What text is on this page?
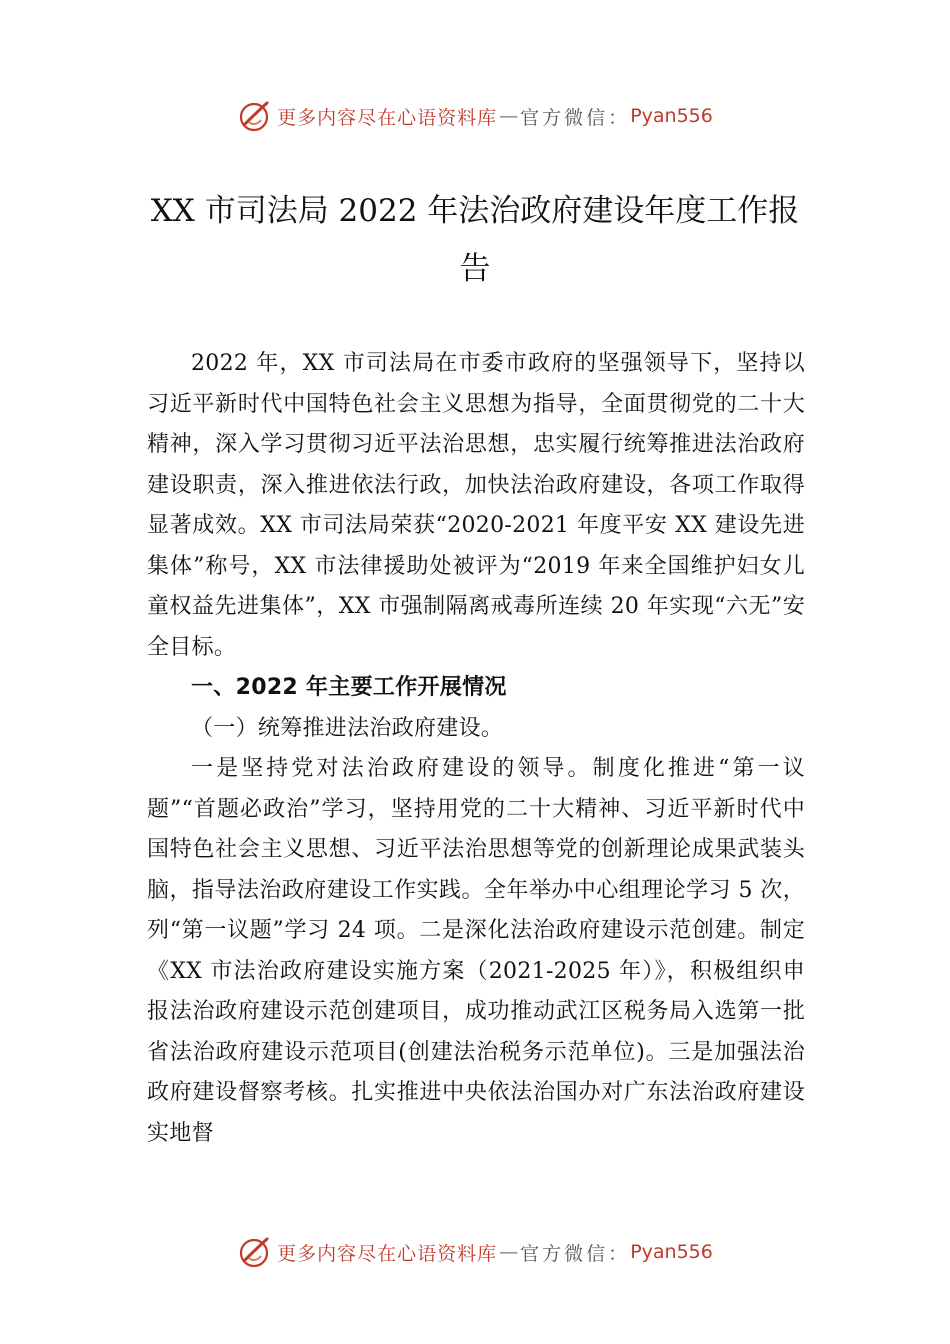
更多内容尽在心语资料库 — 官方微信： Pyan556
XX 市司法局 2022 年法治政府建设年度工作报告

2022 年，XX 市司法局在市委市政府的坚强领导下，坚持以习近平新时代中国特色社会主义思想为指导，全面贯彻党的二十大精神，深入学习贯彻习近平法治思想，忠实履行统筹推进法治政府建设职责，深入推进依法行政，加快法治政府建设，各项工作取得显著成效。XX 市司法局荣获“2020-2021 年度平安 XX 建设先进集体”称号，XX 市法律援助处被评为“2019 年来全国维护妇女儿童权益先进集体”，XX 市强制隔离戒毒所连续 20 年实现“六无”安全目标。

一、2022 年主要工作开展情况

（一）统筹推进法治政府建设。

一是坚持党对法治政府建设的领导。制度化推进“第一议题”“首题必政治”学习，坚持用党的二十大精神、习近平新时代中国特色社会主义思想、习近平法治思想等党的创新理论成果武装头脑，指导法治政府建设工作实践。全年举办中心组理论学习 5 次，列“第一议题”学习 24 项。二是深化法治政府建设示范创建。制定《XX 市法治政府建设实施方案（2021-2025 年）》，积极组织申报法治政府建设示范创建项目，成功推动武江区税务局入选第一批省法治政府建设示范项目(创建法治税务示范单位)。三是加强法治政府建设督察考核。扎实推进中央依法治国办对广东法治政府建设实地督

更多内容尽在心语资料库 — 官方微信： Pyan556
